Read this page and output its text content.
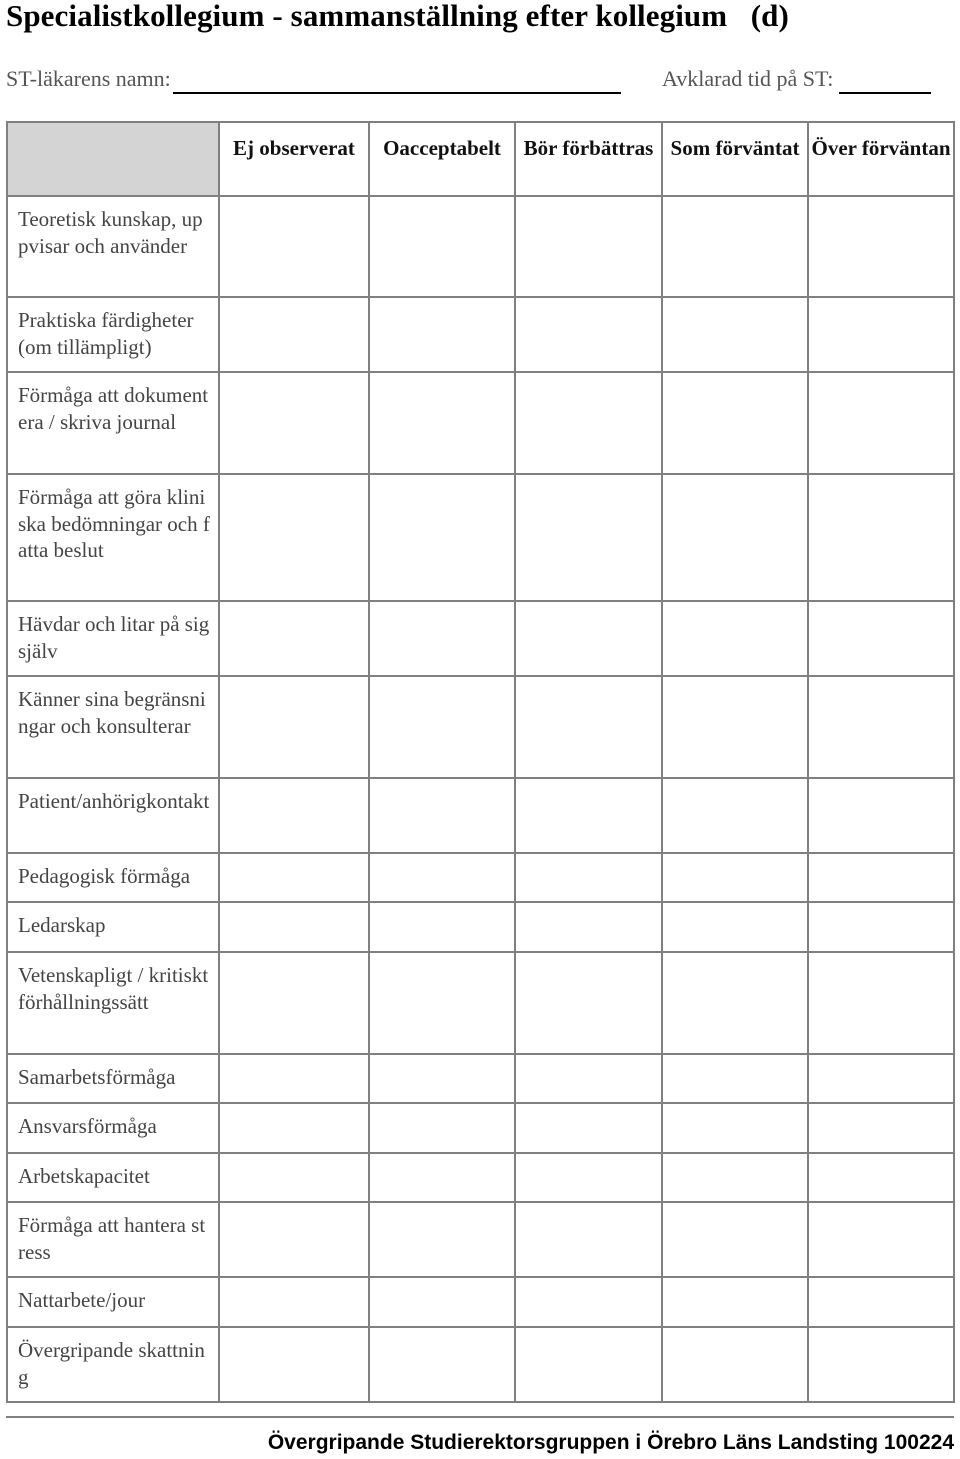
Specialistkollegium - sammanställning efter kollegium   (d)
ST-läkarens namn:	Avklarad tid på ST:
	Ej observerat	Oacceptabelt	Bör förbättras	Som förväntat	Över förväntan
Teoretisk kunskap, uppvisar och använder					
Praktiska färdigheter (om tillämpligt)					
Förmåga att dokumentera / skriva journal					
Förmåga att göra kliniska bedömningar och fatta beslut					
Hävdar och litar på sig själv					
Känner sina begränsningar och konsulterar					
Patient/anhörigkontakt					
Pedagogisk förmåga					
Ledarskap					
Vetenskapligt / kritiskt förhållningssätt					
Samarbetsförmåga					
Ansvarsförmåga					
Arbetskapacitet					
Förmåga att hantera stress					
Nattarbete/jour					
Övergripande skattning					
Övergripande Studierektorsgruppen i Örebro Läns Landsting 100224
